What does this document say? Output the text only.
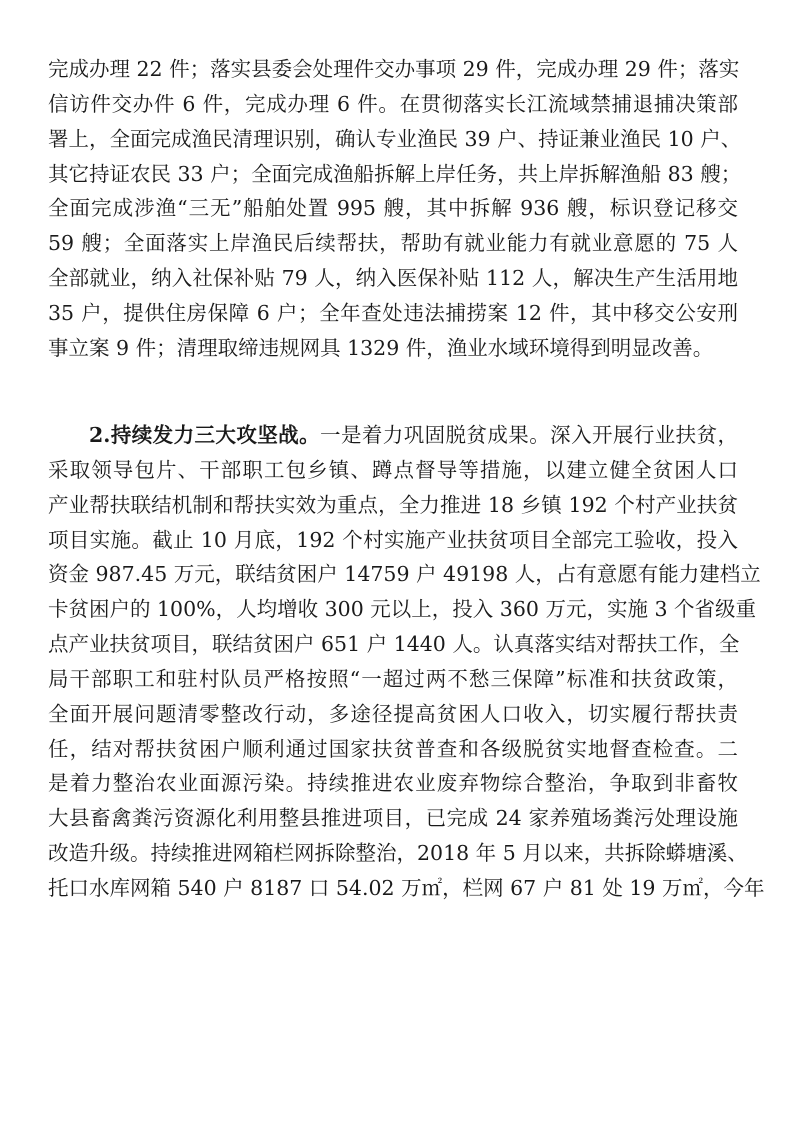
完成办理 22 件；落实县委会处理件交办事项 29 件，完成办理 29 件；落实
信访件交办件 6 件，完成办理 6 件。在贯彻落实长江流域禁捕退捕决策部
署上，全面完成渔民清理识别，确认专业渔民 39 户、持证兼业渔民 10 户、
其它持证农民 33 户；全面完成渔船拆解上岸任务，共上岸拆解渔船 83 艘；
全面完成涉渔“三无”船舶处置 995 艘，其中拆解 936 艘，标识登记移交
59 艘；全面落实上岸渔民后续帮扶，帮助有就业能力有就业意愿的 75 人
全部就业，纳入社保补贴 79 人，纳入医保补贴 112 人，解决生产生活用地
35 户，提供住房保障 6 户；全年查处违法捕捞案 12 件，其中移交公安刑
事立案 9 件；清理取缔违规网具 1329 件，渔业水域环境得到明显改善。
2.持续发力三大攻坚战。一是着力巩固脱贫成果。深入开展行业扶贫，
采取领导包片、干部职工包乡镇、蹲点督导等措施，以建立健全贫困人口
产业帮扶联结机制和帮扶实效为重点，全力推进 18 乡镇 192 个村产业扶贫
项目实施。截止 10 月底，192 个村实施产业扶贫项目全部完工验收，投入
资金 987.45 万元，联结贫困户 14759 户 49198 人，占有意愿有能力建档立
卡贫困户的 100%，人均增收 300 元以上，投入 360 万元，实施 3 个省级重
点产业扶贫项目，联结贫困户 651 户 1440 人。认真落实结对帮扶工作，全
局干部职工和驻村队员严格按照“一超过两不愁三保障”标准和扶贫政策，
全面开展问题清零整改行动，多途径提高贫困人口收入，切实履行帮扶责
任，结对帮扶贫困户顺利通过国家扶贫普查和各级脱贫实地督查检查。二
是着力整治农业面源污染。持续推进农业废弃物综合整治，争取到非畜牧
大县畜禽粪污资源化利用整县推进项目，已完成 24 家养殖场粪污处理设施
改造升级。持续推进网箱栏网拆除整治，2018 年 5 月以来，共拆除蟒塘溪、
托口水库网箱 540 户 8187 口 54.02 万㎡，栏网 67 户 81 处 19 万㎡，今年
